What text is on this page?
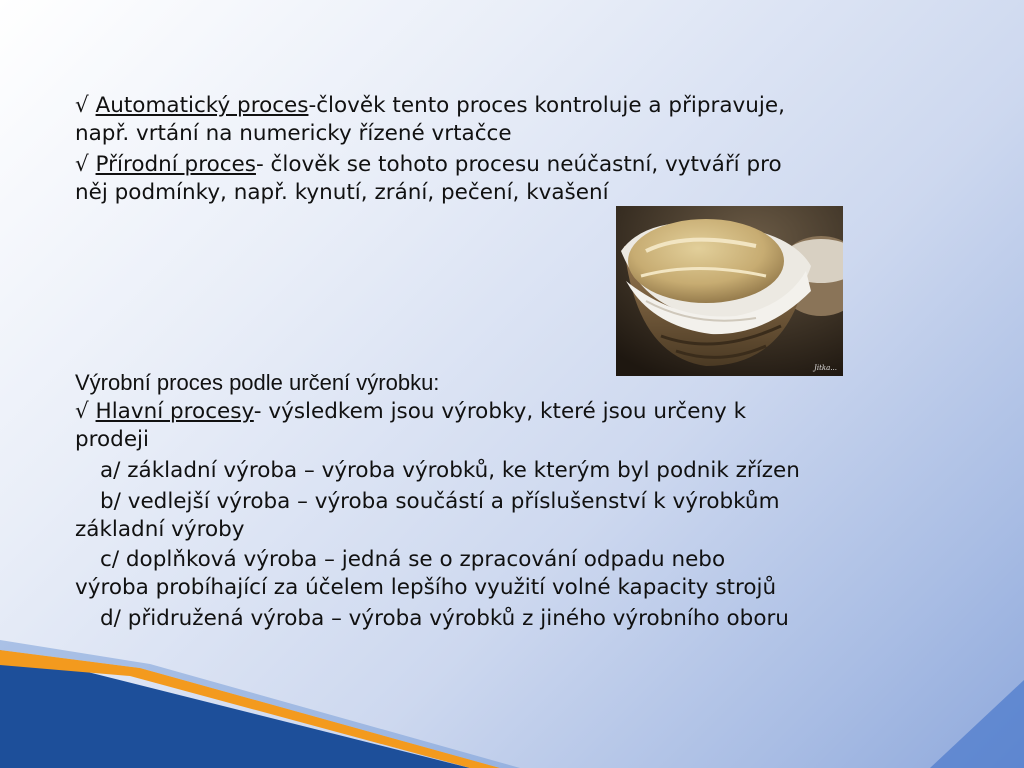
√ Automatický proces-člověk tento proces kontroluje a připravuje,
např. vrtání na numericky řízené vrtačce
√ Přírodní proces- člověk se tohoto procesu neúčastní, vytváří pro
něj podmínky, např. kynutí, zrání, pečení, kvašení
Jitka...
Výrobní proces podle určení výrobku:
√ Hlavní procesy- výsledkem jsou výrobky, které jsou určeny k
prodeji
a/ základní výroba – výroba výrobků, ke kterým byl podnik zřízen
b/ vedlejší výroba – výroba součástí a příslušenství k výrobkům
základní výroby
c/ doplňková výroba – jedná se o zpracování odpadu nebo
výroba probíhající za účelem lepšího využití volné kapacity strojů
d/ přidružená výroba – výroba výrobků z jiného výrobního oboru
